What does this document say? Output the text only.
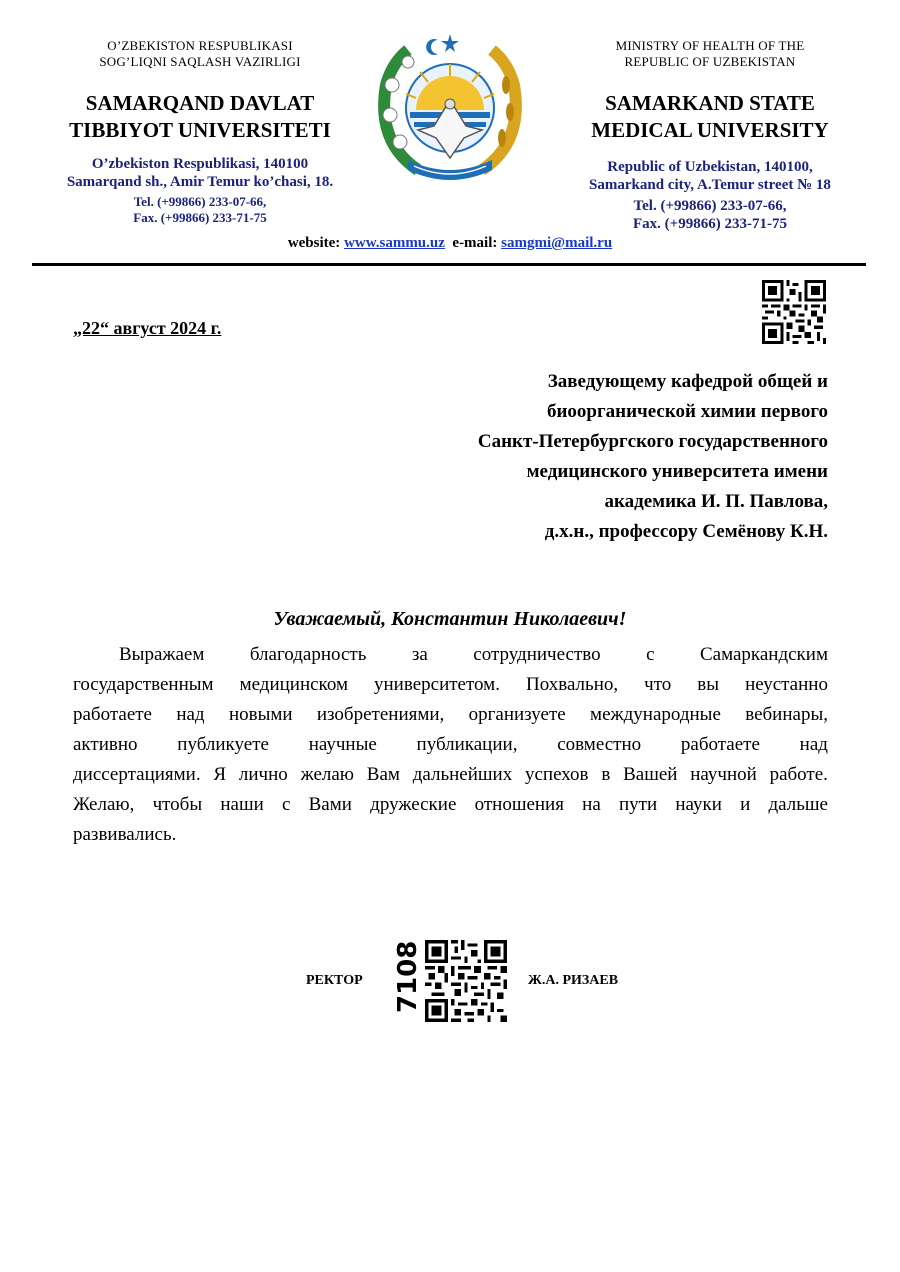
O’ZBEKISTON RESPUBLIKASI
SOG’LIQNI SAQLASH VAZIRLIGI
SAMARQAND DAVLAT
TIBBIYOT UNIVERSITETI
O’zbekiston Respublikasi, 140100
Samarqand sh., Amir Temur ko’chasi, 18.
Tel. (+99866) 233-07-66,
Fax. (+99866) 233-71-75
MINISTRY OF HEALTH OF THE
REPUBLIC OF UZBEKISTAN
SAMARKAND STATE
MEDICAL UNIVERSITY
Republic of Uzbekistan, 140100,
Samarkand city, A.Temur street № 18
Tel. (+99866) 233-07-66,
Fax. (+99866) 233-71-75
website: www.sammu.uz e-mail: samgmi@mail.ru
„22“ август 2024 г.
Заведующему кафедрой общей и
биоорганической химии первого
Санкт-Петербургского государственного
медицинского университета имени
академика И. П. Павлова,
д.х.н., профессору Семёнову К.Н.
Уважаемый, Константин Николаевич!
Выражаем благодарность за сотрудничество с Самаркандским
государственным медицинском университетом. Похвально, что вы неустанно
работаете над новыми изобретениями, организуете международные вебинары,
активно публикуете научные публикации, совместно работаете над
диссертациями. Я лично желаю Вам дальнейших успехов в Вашей научной работе.
Желаю, чтобы наши с Вами дружеские отношения на пути науки и дальше
развивались.
РЕКТОР 7108	Ж.А. РИЗАЕВ
